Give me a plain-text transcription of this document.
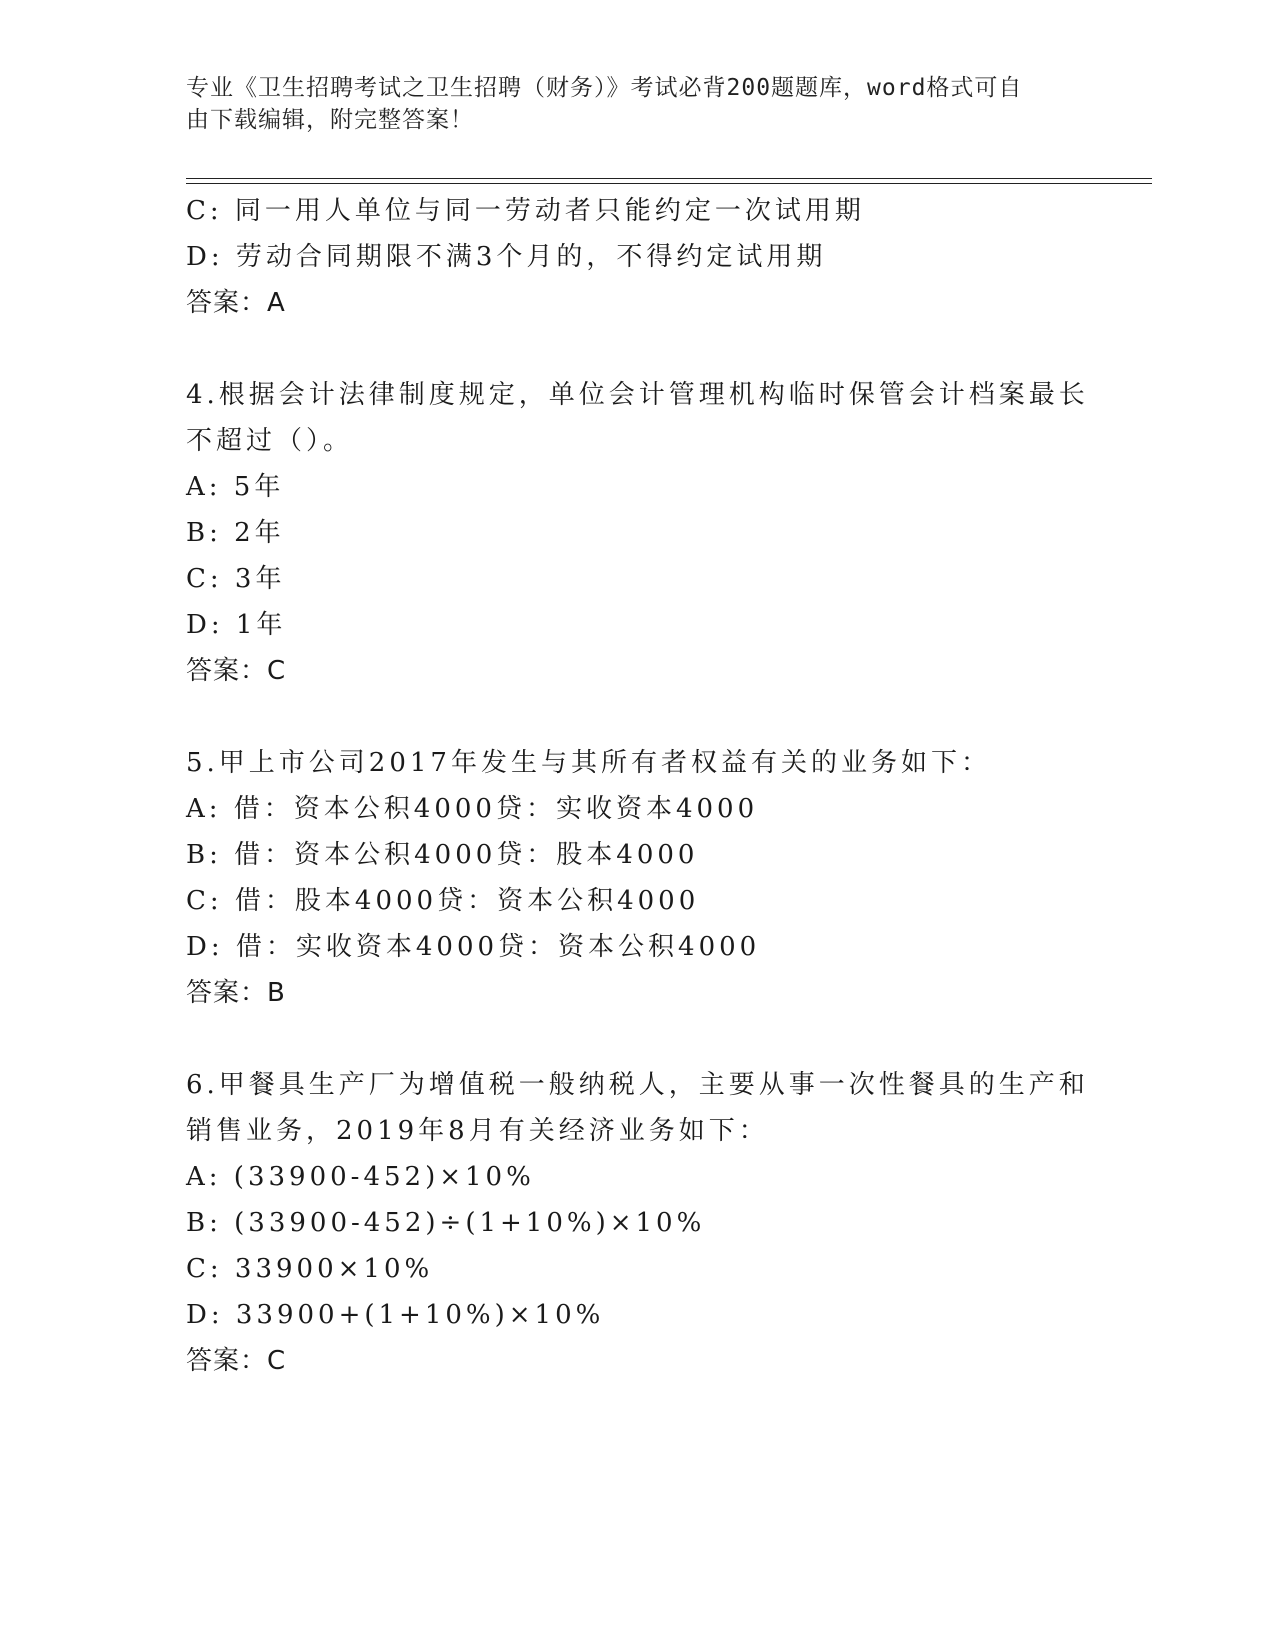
专业《卫生招聘考试之卫生招聘（财务）》考试必背200题题库，word格式可自
由下载编辑，附完整答案！
C: 同一用人单位与同一劳动者只能约定一次试用期
D: 劳动合同期限不满3个月的，不得约定试用期
答案：A
4.根据会计法律制度规定，单位会计管理机构临时保管会计档案最长
不超过（）。
A: 5年
B: 2年
C: 3年
D: 1年
答案：C
5.甲上市公司2017年发生与其所有者权益有关的业务如下：
A: 借：资本公积4000贷：实收资本4000
B: 借：资本公积4000贷：股本4000
C: 借：股本4000贷：资本公积4000
D: 借：实收资本4000贷：资本公积4000
答案：B
6.甲餐具生产厂为增值税一般纳税人，主要从事一次性餐具的生产和
销售业务，2019年8月有关经济业务如下：
A: (33900-452)×10%
B: (33900-452)÷(1+10%)×10%
C: 33900×10%
D: 33900+(1+10%)×10%
答案：C
